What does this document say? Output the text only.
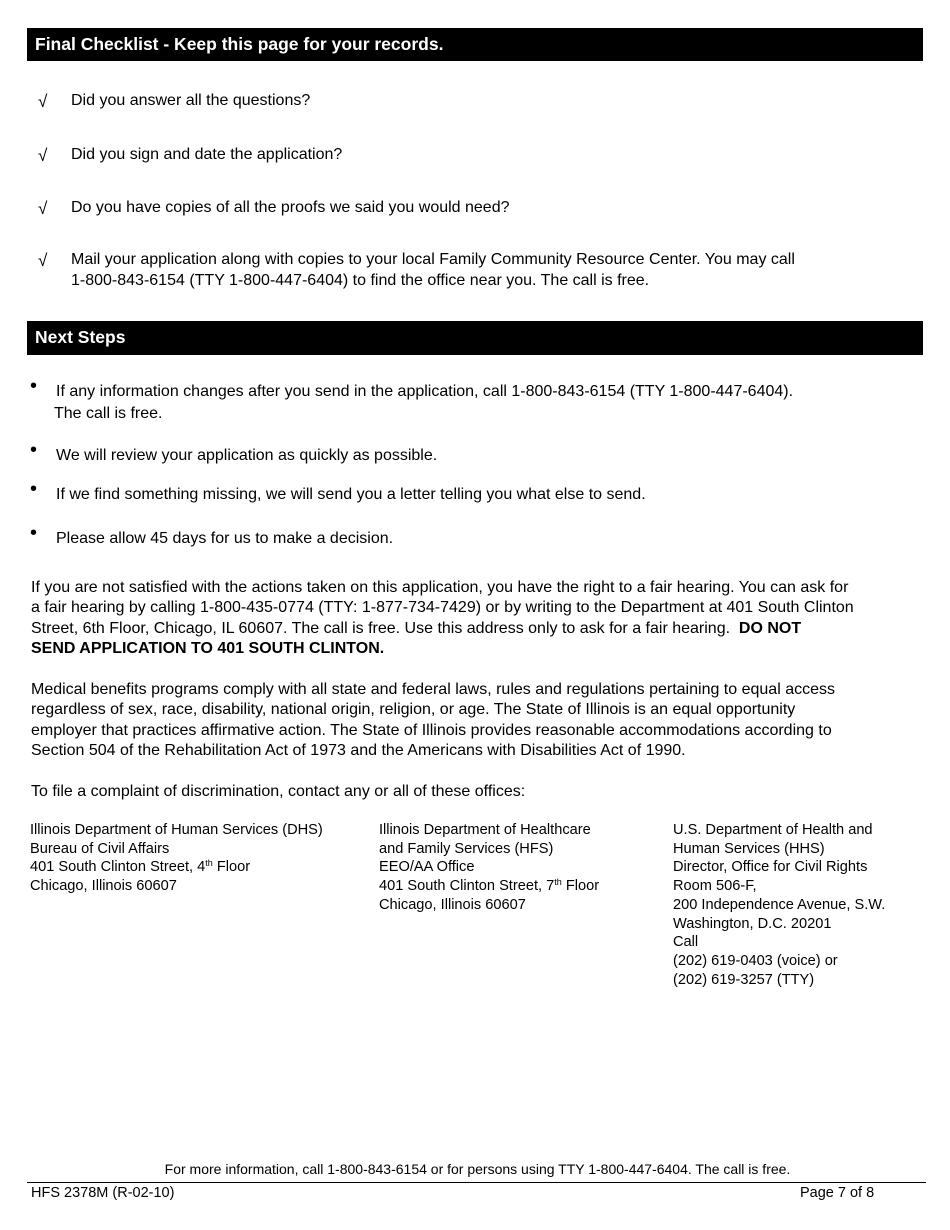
Final Checklist - Keep this page for your records.
√ Did you answer all the questions?
√ Did you sign and date the application?
√ Do you have copies of all the proofs we said you would need?
√ Mail your application along with copies to your local Family Community Resource Center. You may call
1-800-843-6154 (TTY 1-800-447-6404) to find the office near you. The call is free.
Next Steps
• If any information changes after you send in the application, call 1-800-843-6154 (TTY 1-800-447-6404).
The call is free.
• We will review your application as quickly as possible.
• If we find something missing, we will send you a letter telling you what else to send.
• Please allow 45 days for us to make a decision.
If you are not satisfied with the actions taken on this application, you have the right to a fair hearing. You can ask for
a fair hearing by calling 1-800-435-0774 (TTY: 1-877-734-7429) or by writing to the Department at 401 South Clinton
Street, 6th Floor, Chicago, IL 60607. The call is free. Use this address only to ask for a fair hearing. DO NOT
SEND APPLICATION TO 401 SOUTH CLINTON.
Medical benefits programs comply with all state and federal laws, rules and regulations pertaining to equal access
regardless of sex, race, disability, national origin, religion, or age. The State of Illinois is an equal opportunity
employer that practices affirmative action. The State of Illinois provides reasonable accommodations according to
Section 504 of the Rehabilitation Act of 1973 and the Americans with Disabilities Act of 1990.
To file a complaint of discrimination, contact any or all of these offices:
Illinois Department of Human Services (DHS)
Bureau of Civil Affairs
401 South Clinton Street, 4th Floor
Chicago, Illinois 60607
Illinois Department of Healthcare
and Family Services (HFS)
EEO/AA Office
401 South Clinton Street, 7th Floor
Chicago, Illinois 60607
U.S. Department of Health and
Human Services (HHS)
Director, Office for Civil Rights
Room 506-F,
200 Independence Avenue, S.W.
Washington, D.C. 20201
Call
(202) 619-0403 (voice) or
(202) 619-3257 (TTY)
For more information, call 1-800-843-6154 or for persons using TTY 1-800-447-6404. The call is free.
HFS 2378M (R-02-10)	Page 7 of 8
